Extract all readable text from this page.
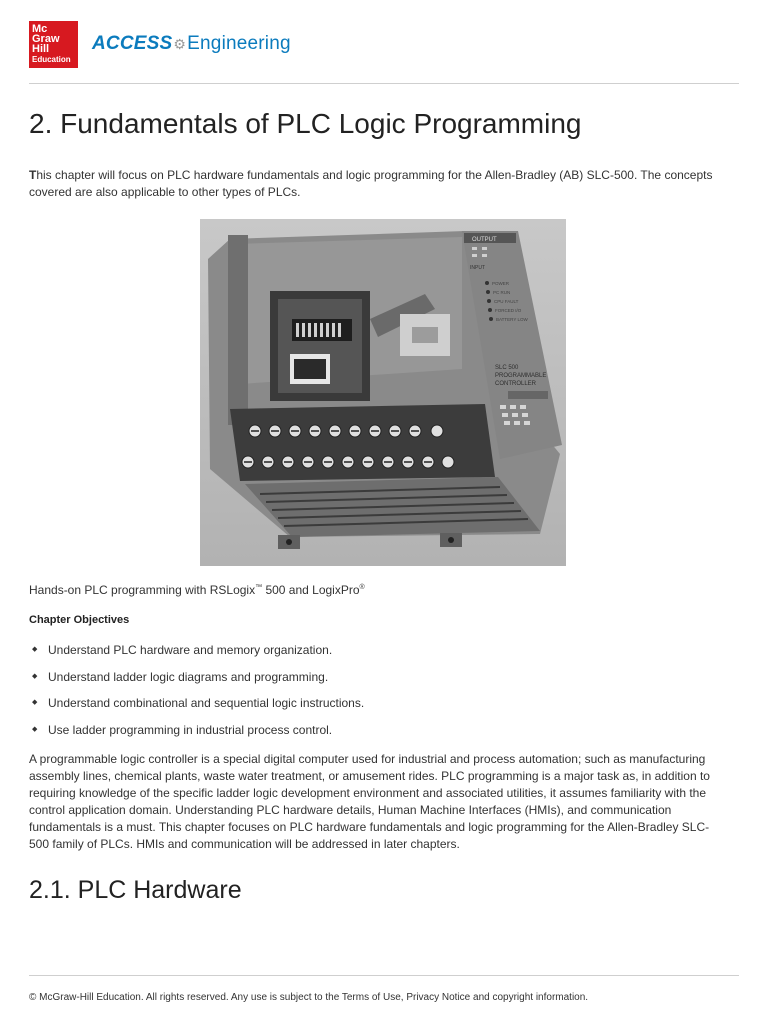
Mc
Graw
Hill
Education
ACCESS ⚙ Engineering
2. Fundamentals of PLC Logic Programming
This chapter will focus on PLC hardware fundamentals and logic programming for the Allen-Bradley (AB) SLC-500. The concepts covered are also applicable to other types of PLCs.
OUTPUT
INPUT
POWER
PC RUN
CPU FAULT
FORCED I/O
BATTERY LOW
SLC 500
PROGRAMMABLE
CONTROLLER
Hands-on PLC programming with RSLogix™ 500 and LogixPro®
Chapter Objectives
◆ Understand PLC hardware and memory organization.
◆ Understand ladder logic diagrams and programming.
◆ Understand combinational and sequential logic instructions.
◆ Use ladder programming in industrial process control.
A programmable logic controller is a special digital computer used for industrial and process automation; such as manufacturing assembly lines, chemical plants, waste water treatment, or amusement rides. PLC programming is a major task as, in addition to requiring knowledge of the specific ladder logic development environment and associated utilities, it assumes familiarity with the control application domain. Understanding PLC hardware details, Human Machine Interfaces (HMIs), and communication fundamentals is a must. This chapter focuses on PLC hardware fundamentals and logic programming for the Allen-Bradley SLC-500 family of PLCs. HMIs and communication will be addressed in later chapters.
2.1. PLC Hardware
© McGraw-Hill Education. All rights reserved. Any use is subject to the Terms of Use, Privacy Notice and copyright information.
